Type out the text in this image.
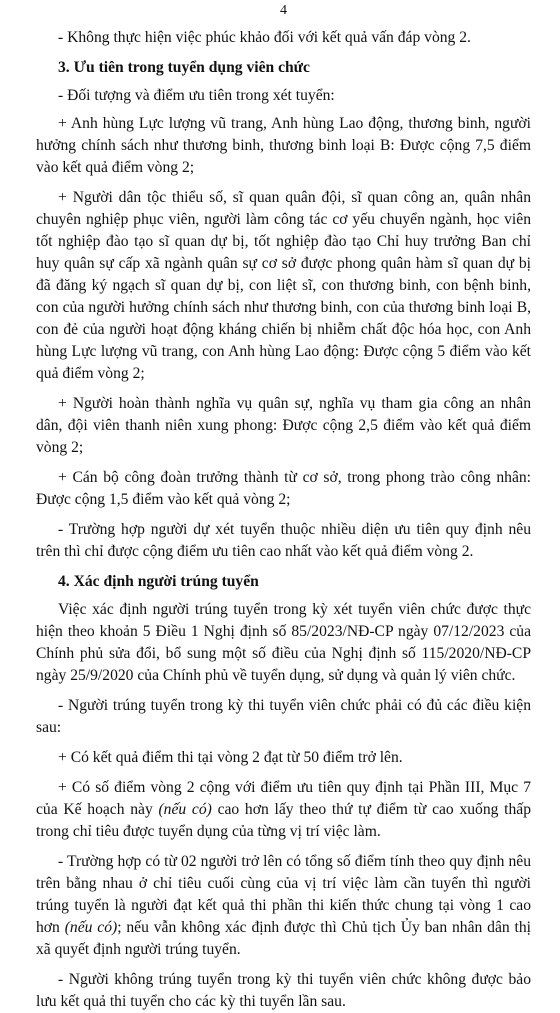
4

- Không thực hiện việc phúc khảo đối với kết quả vấn đáp vòng 2.

3. Ưu tiên trong tuyển dụng viên chức

- Đối tượng và điểm ưu tiên trong xét tuyển:

+ Anh hùng Lực lượng vũ trang, Anh hùng Lao động, thương binh, người hưởng chính sách như thương binh, thương binh loại B: Được cộng 7,5 điểm vào kết quả điểm vòng 2;

+ Người dân tộc thiểu số, sĩ quan quân đội, sĩ quan công an, quân nhân chuyên nghiệp phục viên, người làm công tác cơ yếu chuyển ngành, học viên tốt nghiệp đào tạo sĩ quan dự bị, tốt nghiệp đào tạo Chỉ huy trưởng Ban chỉ huy quân sự cấp xã ngành quân sự cơ sở được phong quân hàm sĩ quan dự bị đã đăng ký ngạch sĩ quan dự bị, con liệt sĩ, con thương binh, con bệnh binh, con của người hưởng chính sách như thương binh, con của thương binh loại B, con đẻ của người hoạt động kháng chiến bị nhiễm chất độc hóa học, con Anh hùng Lực lượng vũ trang, con Anh hùng Lao động: Được cộng 5 điểm vào kết quả điểm vòng 2;

+ Người hoàn thành nghĩa vụ quân sự, nghĩa vụ tham gia công an nhân dân, đội viên thanh niên xung phong: Được cộng 2,5 điểm vào kết quả điểm vòng 2;

+ Cán bộ công đoàn trưởng thành từ cơ sở, trong phong trào công nhân: Được cộng 1,5 điểm vào kết quả vòng 2;

- Trường hợp người dự xét tuyển thuộc nhiều diện ưu tiên quy định nêu trên thì chỉ được cộng điểm ưu tiên cao nhất vào kết quả điểm vòng 2.

4. Xác định người trúng tuyển

Việc xác định người trúng tuyển trong kỳ xét tuyển viên chức được thực hiện theo khoản 5 Điều 1 Nghị định số 85/2023/NĐ-CP ngày 07/12/2023 của Chính phủ sửa đổi, bổ sung một số điều của Nghị định số 115/2020/NĐ-CP ngày 25/9/2020 của Chính phủ về tuyển dụng, sử dụng và quản lý viên chức.

- Người trúng tuyển trong kỳ thi tuyển viên chức phải có đủ các điều kiện sau:

+ Có kết quả điểm thi tại vòng 2 đạt từ 50 điểm trở lên.

+ Có số điểm vòng 2 cộng với điểm ưu tiên quy định tại Phần III, Mục 7 của Kế hoạch này (nếu có) cao hơn lấy theo thứ tự điểm từ cao xuống thấp trong chỉ tiêu được tuyển dụng của từng vị trí việc làm.

- Trường hợp có từ 02 người trở lên có tổng số điểm tính theo quy định nêu trên bằng nhau ở chỉ tiêu cuối cùng của vị trí việc làm cần tuyển thì người trúng tuyển là người đạt kết quả thi phần thi kiến thức chung tại vòng 1 cao hơn (nếu có); nếu vẫn không xác định được thì Chủ tịch Ủy ban nhân dân thị xã quyết định người trúng tuyển.

- Người không trúng tuyển trong kỳ thi tuyển viên chức không được bảo lưu kết quả thi tuyển cho các kỳ thi tuyển lần sau.
